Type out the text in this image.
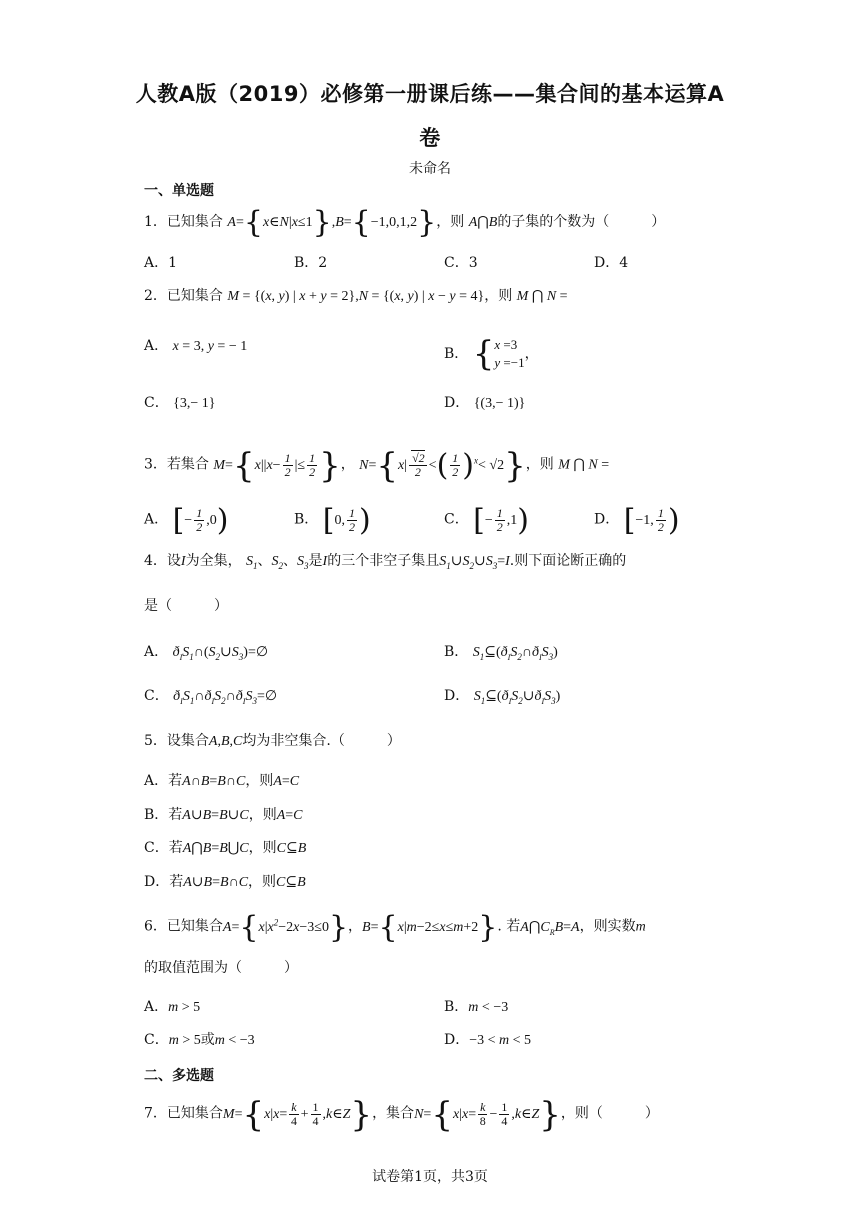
人教A版（2019）必修第一册课后练——集合间的基本运算A
卷
未命名
一、单选题
1．已知集合 A={x∈N|x≤1},B={−1,0,1,2}，则 A⋂B的子集的个数为（　　　）
A．1	B．2	C．3	D．4
2．已知集合 M = {(x, y) | x + y = 2},N = {(x, y) | x − y = 4}，则 M ⋂ N =
A． x = 3, y = − 1	B． { x =3
y =−1
，
C． {3,− 1}	D． {(3,− 1)}
3．若集合 $M=\{x||x- \frac{1}{2}$ |≤ $\frac{1}{2}$ }， $N=\{x| \frac{√2}{2}$ <( $\frac{1}{2} )^x< √2$}，则 M ⋂ N =
A． [− $\frac{1}{2} ,0$)	B． [0, $\frac{1}{2}$ )	C． [− $\frac{1}{2} ,1$)	D． [−1, $\frac{1}{2}$ )
4．设I为全集， $S_1$、$S_2$、$S_3$是I的三个非空子集且$S_1\cup S_2\cup S_3=I$.则下面论断正确的
是（　　　）
A． $ð_IS_1\cap(S_2\cup S_3)=\emptyset$	B． $S_1⊆(ð_IS_2\cap ð_IS_3)$
C． $ð_IS_1\cap ð_IS_2\cap ð_IS_3=\emptyset$	D． $S_1⊆(ð_IS_2\cup ð_IS_3)$
5．设集合A,B,C均为非空集合.（　　　）
A．若A∩B=B∩C，则A=C
B．若A∪B=B∪C，则A=C
C．若A⋂B=B⋃C，则C⊆B
D．若A∪B=B∩C，则C⊆B
6．已知集合$A=\{x|x^2-2x-3\le 0\}$，B={x|m−2≤x≤m+2}. 若$A⋂C_RB=A$，则实数m
的取值范围为（　　　）
A．m > 5	B．m < −3
C．m > 5或m < −3	D．−3 < m < 5
二、多选题
7．已知集合$M=\{x|x= \frac{k}{4} + \frac{1}{4}$ ,k∈Z}，集合$N=\{x|x= \frac{k}{8} - \frac{1}{4}$ ,k∈Z}，则（　　　）
试卷第1页，共3页
